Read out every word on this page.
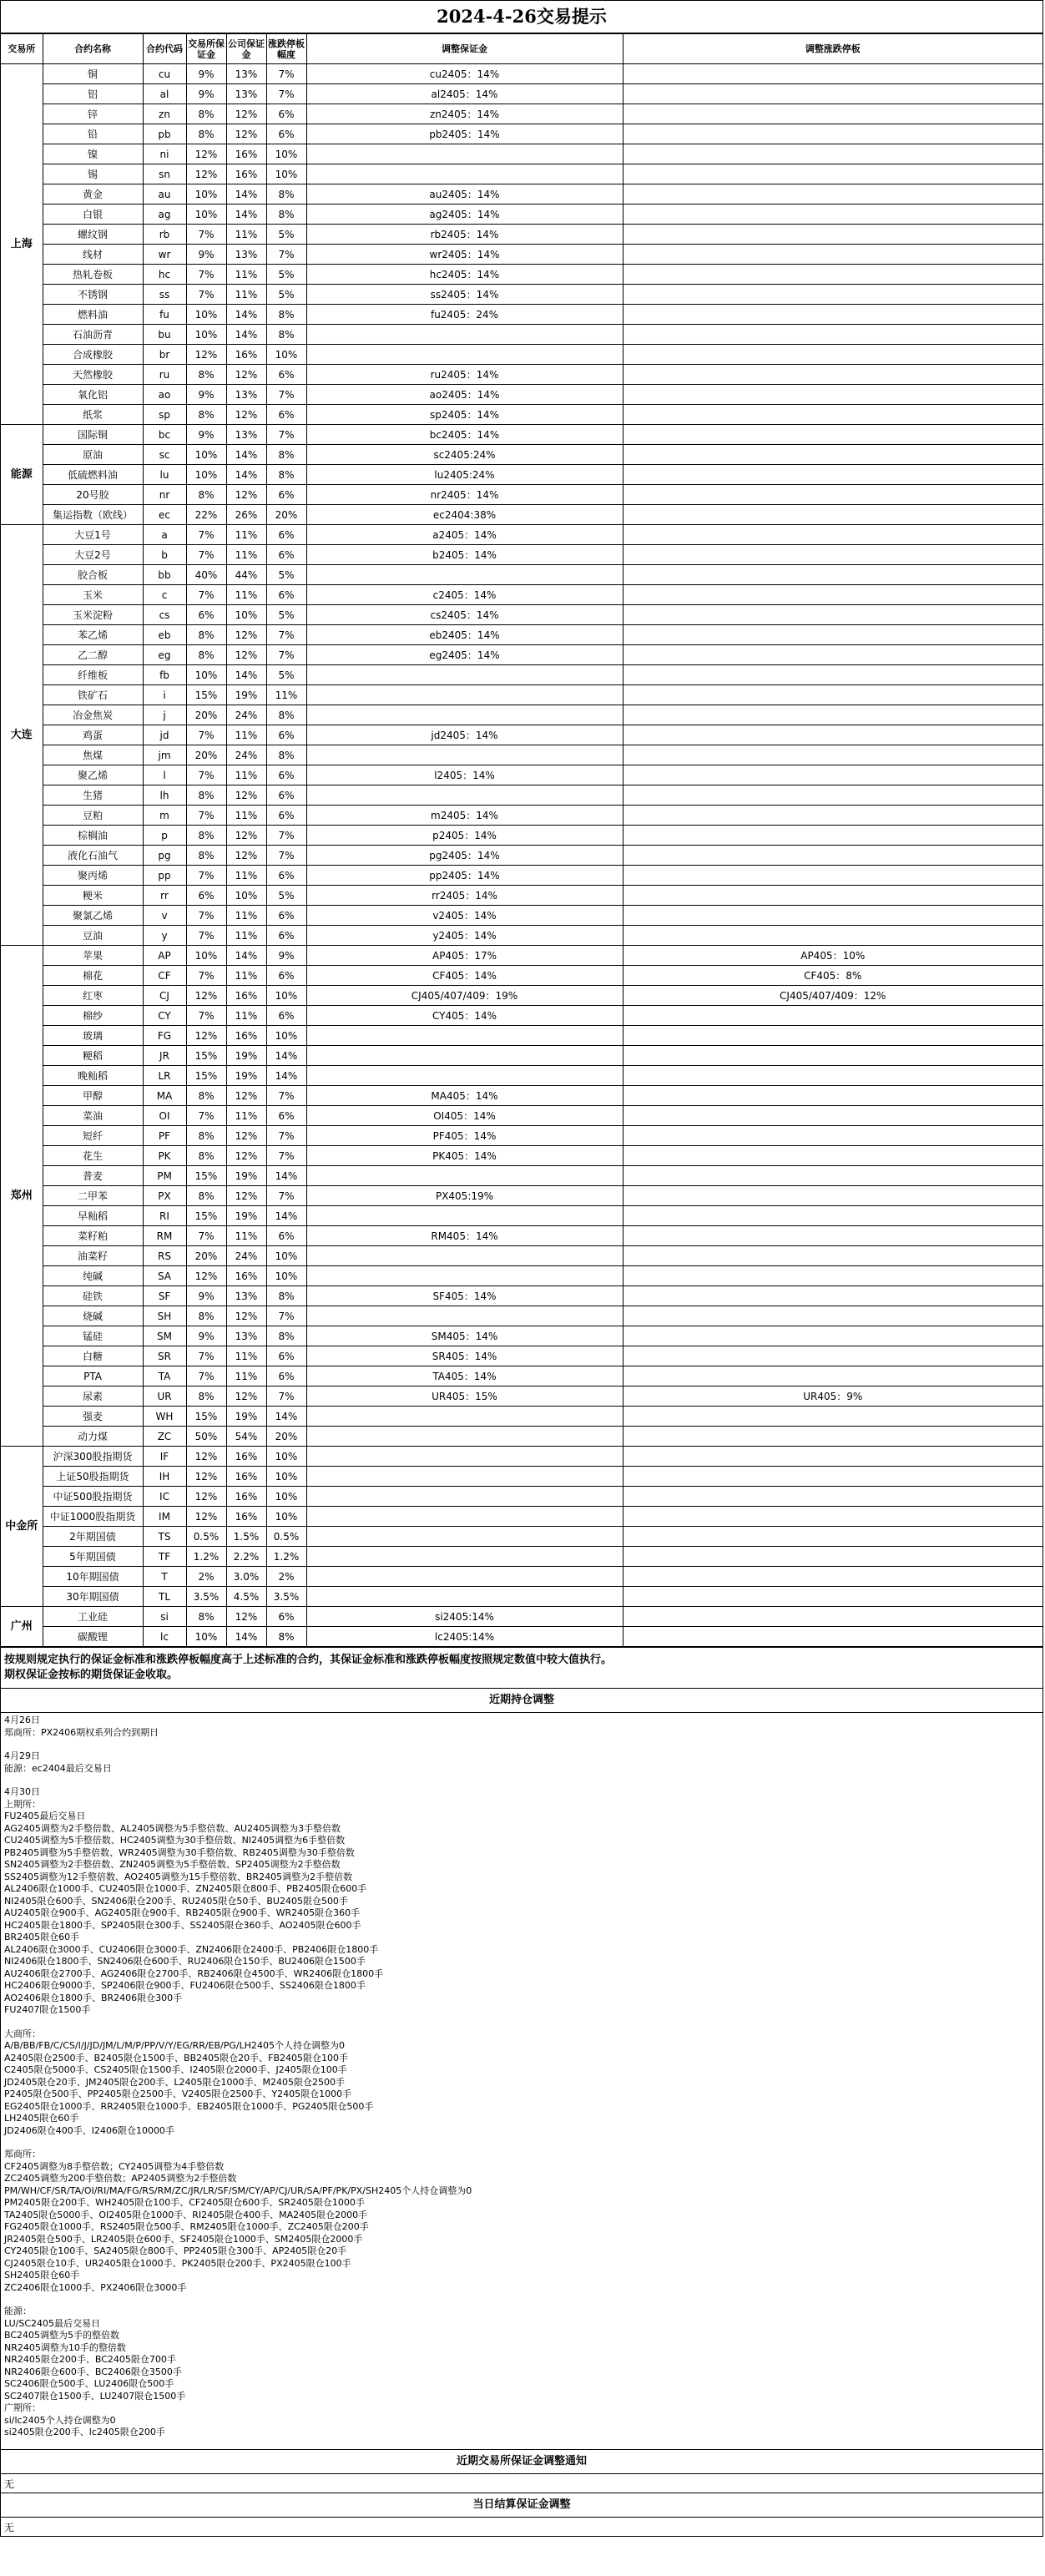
2024-4-26交易提示
交易所	合约名称	合约代码	交易所保证金	公司保证金	涨跌停板幅度	调整保证金	调整涨跌停板
上海	铜	cu	9%	13%	7%	cu2405：14%	
	铝	al	9%	13%	7%	al2405：14%	
	锌	zn	8%	12%	6%	zn2405：14%	
	铅	pb	8%	12%	6%	pb2405：14%	
	镍	ni	12%	16%	10%		
	锡	sn	12%	16%	10%		
	黄金	au	10%	14%	8%	au2405：14%	
	白银	ag	10%	14%	8%	ag2405：14%	
	螺纹钢	rb	7%	11%	5%	rb2405：14%	
	线材	wr	9%	13%	7%	wr2405：14%	
	热轧卷板	hc	7%	11%	5%	hc2405：14%	
	不锈钢	ss	7%	11%	5%	ss2405：14%	
	燃料油	fu	10%	14%	8%	fu2405：24%	
	石油沥青	bu	10%	14%	8%		
	合成橡胶	br	12%	16%	10%		
	天然橡胶	ru	8%	12%	6%	ru2405：14%	
	氧化铝	ao	9%	13%	7%	ao2405：14%	
	纸浆	sp	8%	12%	6%	sp2405：14%	
能源	国际铜	bc	9%	13%	7%	bc2405：14%	
	原油	sc	10%	14%	8%	sc2405:24%	
	低硫燃料油	lu	10%	14%	8%	lu2405:24%	
	20号胶	nr	8%	12%	6%	nr2405：14%	
	集运指数（欧线）	ec	22%	26%	20%	ec2404:38%	
大连	大豆1号	a	7%	11%	6%	a2405：14%	
	大豆2号	b	7%	11%	6%	b2405：14%	
	胶合板	bb	40%	44%	5%		
	玉米	c	7%	11%	6%	c2405：14%	
	玉米淀粉	cs	6%	10%	5%	cs2405：14%	
	苯乙烯	eb	8%	12%	7%	eb2405：14%	
	乙二醇	eg	8%	12%	7%	eg2405：14%	
	纤维板	fb	10%	14%	5%		
	铁矿石	i	15%	19%	11%		
	冶金焦炭	j	20%	24%	8%		
	鸡蛋	jd	7%	11%	6%	jd2405：14%	
	焦煤	jm	20%	24%	8%		
	聚乙烯	l	7%	11%	6%	l2405：14%	
	生猪	lh	8%	12%	6%		
	豆粕	m	7%	11%	6%	m2405：14%	
	棕榈油	p	8%	12%	7%	p2405：14%	
	液化石油气	pg	8%	12%	7%	pg2405：14%	
	聚丙烯	pp	7%	11%	6%	pp2405：14%	
	粳米	rr	6%	10%	5%	rr2405：14%	
	聚氯乙烯	v	7%	11%	6%	v2405：14%	
	豆油	y	7%	11%	6%	y2405：14%	
郑州	苹果	AP	10%	14%	9%	AP405：17%	AP405：10%
	棉花	CF	7%	11%	6%	CF405：14%	CF405：8%
	红枣	CJ	12%	16%	10%	CJ405/407/409：19%	CJ405/407/409：12%
	棉纱	CY	7%	11%	6%	CY405：14%	
	玻璃	FG	12%	16%	10%		
	粳稻	JR	15%	19%	14%		
	晚籼稻	LR	15%	19%	14%		
	甲醇	MA	8%	12%	7%	MA405：14%	
	菜油	OI	7%	11%	6%	OI405：14%	
	短纤	PF	8%	12%	7%	PF405：14%	
	花生	PK	8%	12%	7%	PK405：14%	
	普麦	PM	15%	19%	14%		
	二甲苯	PX	8%	12%	7%	PX405:19%	
	早籼稻	RI	15%	19%	14%		
	菜籽粕	RM	7%	11%	6%	RM405：14%	
	油菜籽	RS	20%	24%	10%		
	纯碱	SA	12%	16%	10%		
	硅铁	SF	9%	13%	8%	SF405：14%	
	烧碱	SH	8%	12%	7%		
	锰硅	SM	9%	13%	8%	SM405：14%	
	白糖	SR	7%	11%	6%	SR405：14%	
	PTA	TA	7%	11%	6%	TA405：14%	
	尿素	UR	8%	12%	7%	UR405：15%	UR405：9%
	强麦	WH	15%	19%	14%		
	动力煤	ZC	50%	54%	20%		
中金所	沪深300股指期货	IF	12%	16%	10%		
	上证50股指期货	IH	12%	16%	10%		
	中证500股指期货	IC	12%	16%	10%		
	中证1000股指期货	IM	12%	16%	10%		
	2年期国债	TS	0.5%	1.5%	0.5%		
	5年期国债	TF	1.2%	2.2%	1.2%		
	10年期国债	T	2%	3.0%	2%		
	30年期国债	TL	3.5%	4.5%	3.5%		
广州	工业硅	si	8%	12%	6%	si2405:14%	
	碳酸锂	lc	10%	14%	8%	lc2405:14%	
按规则规定执行的保证金标准和涨跌停板幅度高于上述标准的合约，其保证金标准和涨跌停板幅度按照规定数值中较大值执行。
期权保证金按标的期货保证金收取。
近期持仓调整
4月26日
郑商所：PX2406期权系列合约到期日
4月29日
能源：ec2404最后交易日
4月30日
上期所：
FU2405最后交易日
AG2405调整为2手整倍数、AL2405调整为5手整倍数、AU2405调整为3手整倍数
CU2405调整为5手整倍数、HC2405调整为30手整倍数、NI2405调整为6手整倍数
PB2405调整为5手整倍数、WR2405调整为30手整倍数、RB2405调整为30手整倍数
SN2405调整为2手整倍数、ZN2405调整为5手整倍数、SP2405调整为2手整倍数
SS2405调整为12手整倍数、AO2405调整为15手整倍数、BR2405调整为2手整倍数
AL2406限仓1000手、CU2405限仓1000手、ZN2405限仓800手、PB2405限仓600手
NI2405限仓600手、SN2406限仓200手、RU2405限仓50手、BU2405限仓500手
AU2405限仓900手、AG2405限仓900手、RB2405限仓900手、WR2405限仓360手
HC2405限仓1800手、SP2405限仓300手、SS2405限仓360手、AO2405限仓600手
BR2405限仓60手
AL2406限仓3000手、CU2406限仓3000手、ZN2406限仓2400手、PB2406限仓1800手
NI2406限仓1800手、SN2406限仓600手、RU2406限仓150手、BU2406限仓1500手
AU2406限仓2700手、AG2406限仓2700手、RB2406限仓4500手、WR2406限仓1800手
HC2406限仓9000手、SP2406限仓900手、FU2406限仓500手、SS2406限仓1800手
AO2406限仓1800手、BR2406限仓300手
FU2407限仓1500手
大商所：
A/B/BB/FB/C/CS/I/J/JD/JM/L/M/P/PP/V/Y/EG/RR/EB/PG/LH2405个人持仓调整为0
A2405限仓2500手、B2405限仓1500手、BB2405限仓20手、FB2405限仓100手
C2405限仓5000手、CS2405限仓1500手、I2405限仓2000手、J2405限仓100手
JD2405限仓20手、JM2405限仓200手、L2405限仓1000手、M2405限仓2500手
P2405限仓500手、PP2405限仓2500手、V2405限仓2500手、Y2405限仓1000手
EG2405限仓1000手、RR2405限仓1000手、EB2405限仓1000手、PG2405限仓500手
LH2405限仓60手
JD2406限仓400手、I2406限仓10000手
郑商所：
CF2405调整为8手整倍数；CY2405调整为4手整倍数
ZC2405调整为200手整倍数；AP2405调整为2手整倍数
PM/WH/CF/SR/TA/OI/RI/MA/FG/RS/RM/ZC/JR/LR/SF/SM/CY/AP/CJ/UR/SA/PF/PK/PX/SH2405个人持仓调整为0
PM2405限仓200手、WH2405限仓100手、CF2405限仓600手、SR2405限仓1000手
TA2405限仓5000手、OI2405限仓1000手、RI2405限仓400手、MA2405限仓2000手
FG2405限仓1000手、RS2405限仓500手、RM2405限仓1000手、ZC2405限仓200手
JR2405限仓500手、LR2405限仓600手、SF2405限仓1000手、SM2405限仓2000手
CY2405限仓100手、SA2405限仓800手、PP2405限仓300手、AP2405限仓20手
CJ2405限仓10手、UR2405限仓1000手、PK2405限仓200手、PX2405限仓100手
SH2405限仓60手
ZC2406限仓1000手、PX2406限仓3000手
能源：
LU/SC2405最后交易日
BC2405调整为5手的整倍数
NR2405调整为10手的整倍数
NR2405限仓200手、BC2405限仓700手
NR2406限仓600手、BC2406限仓3500手
SC2406限仓500手、LU2406限仓500手
SC2407限仓1500手、LU2407限仓1500手
广期所：
si/lc2405个人持仓调整为0
si2405限仓200手、lc2405限仓200手
近期交易所保证金调整通知
无
当日结算保证金调整
无
